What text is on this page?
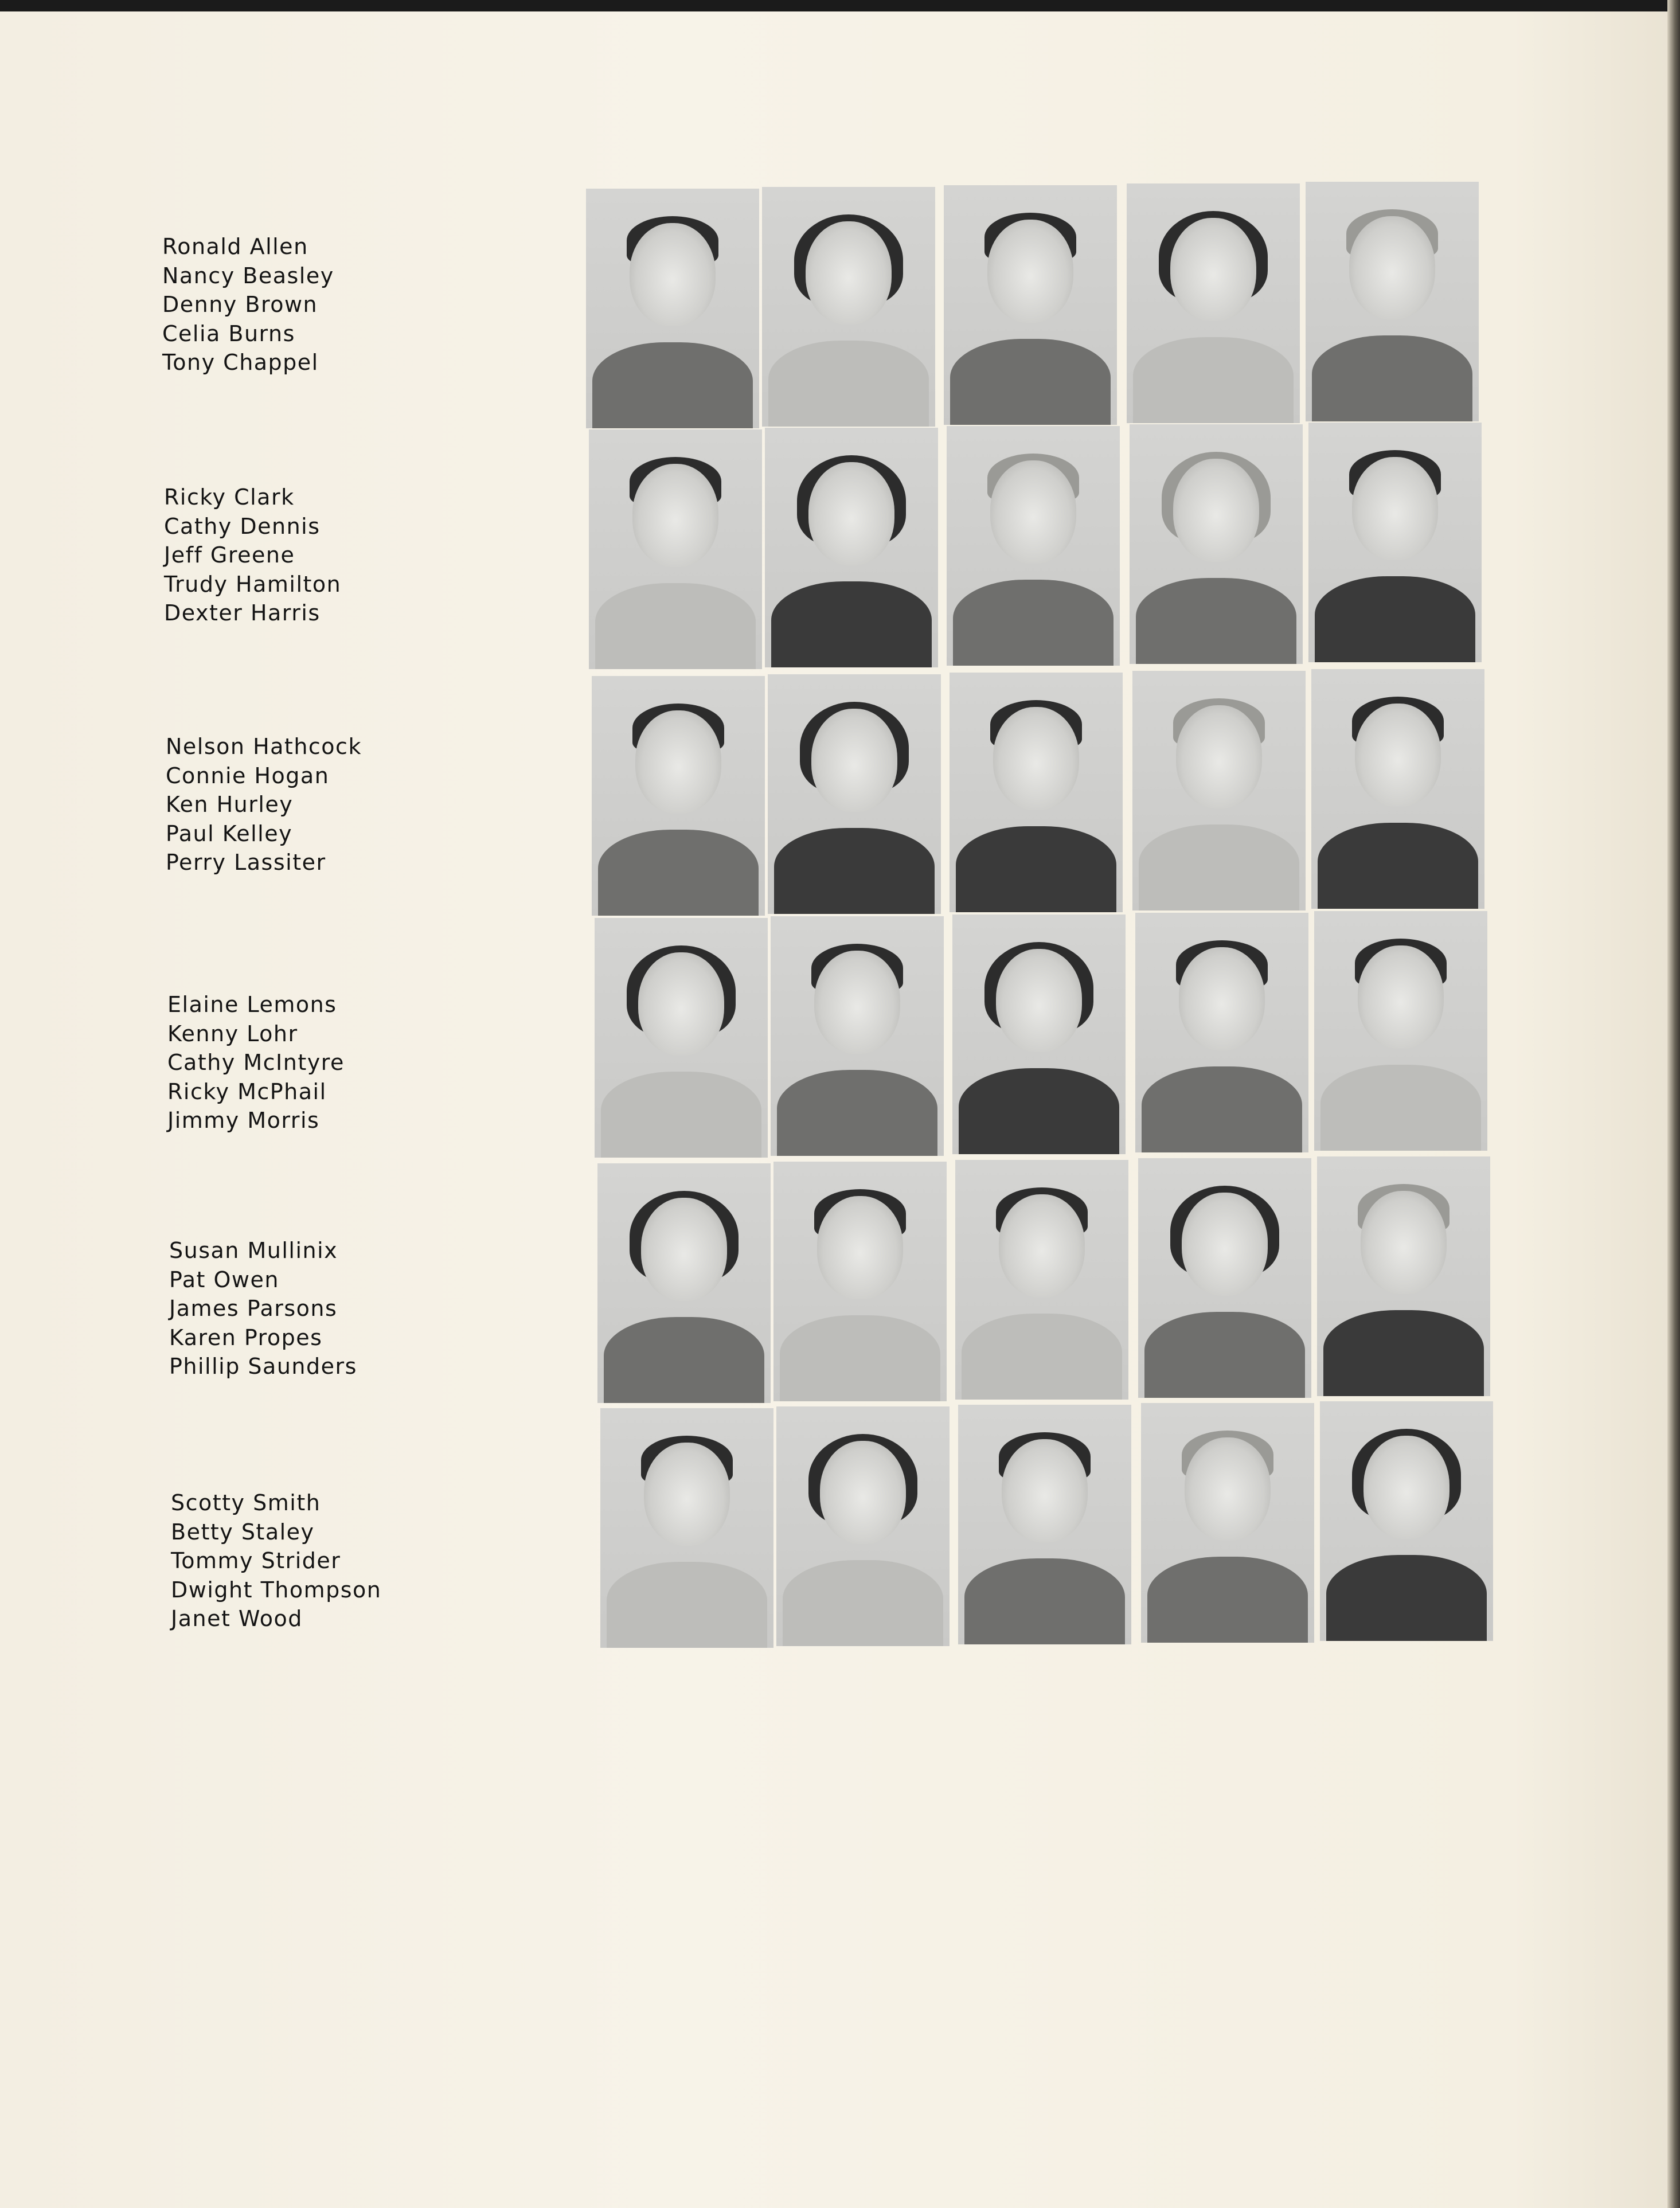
Ronald Allen
Nancy Beasley
Denny Brown
Celia Burns
Tony Chappel
Ricky Clark
Cathy Dennis
Jeff Greene
Trudy Hamilton
Dexter Harris
Nelson Hathcock
Connie Hogan
Ken Hurley
Paul Kelley
Perry Lassiter
Elaine Lemons
Kenny Lohr
Cathy McIntyre
Ricky McPhail
Jimmy Morris
Susan Mullinix
Pat Owen
James Parsons
Karen Propes
Phillip Saunders
Scotty Smith
Betty Staley
Tommy Strider
Dwight Thompson
Janet Wood
